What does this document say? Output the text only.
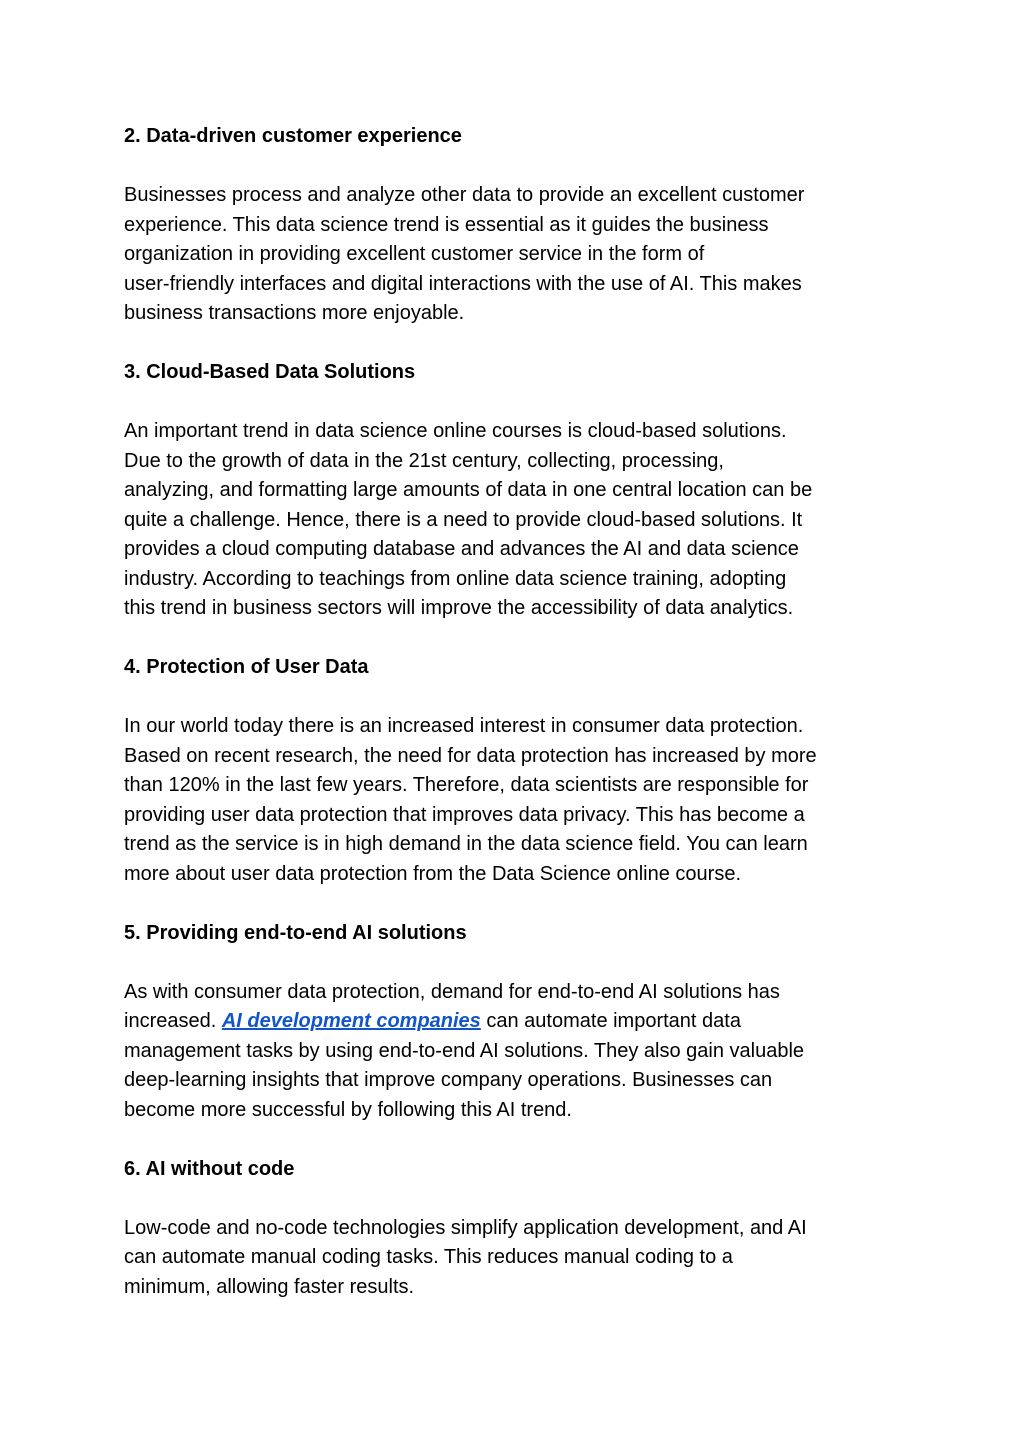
2. Data-driven customer experience

Businesses process and analyze other data to provide an excellent customer
experience. This data science trend is essential as it guides the business
organization in providing excellent customer service in the form of
user-friendly interfaces and digital interactions with the use of AI. This makes
business transactions more enjoyable.

3. Cloud-Based Data Solutions

An important trend in data science online courses is cloud-based solutions.
Due to the growth of data in the 21st century, collecting, processing,
analyzing, and formatting large amounts of data in one central location can be
quite a challenge. Hence, there is a need to provide cloud-based solutions. It
provides a cloud computing database and advances the AI and data science
industry. According to teachings from online data science training, adopting
this trend in business sectors will improve the accessibility of data analytics.

4. Protection of User Data

In our world today there is an increased interest in consumer data protection.
Based on recent research, the need for data protection has increased by more
than 120% in the last few years. Therefore, data scientists are responsible for
providing user data protection that improves data privacy. This has become a
trend as the service is in high demand in the data science field. You can learn
more about user data protection from the Data Science online course.

5. Providing end-to-end AI solutions

As with consumer data protection, demand for end-to-end AI solutions has
increased. AI development companies can automate important data
management tasks by using end-to-end AI solutions. They also gain valuable
deep-learning insights that improve company operations. Businesses can
become more successful by following this AI trend.

6. AI without code

Low-code and no-code technologies simplify application development, and AI
can automate manual coding tasks. This reduces manual coding to a
minimum, allowing faster results.
